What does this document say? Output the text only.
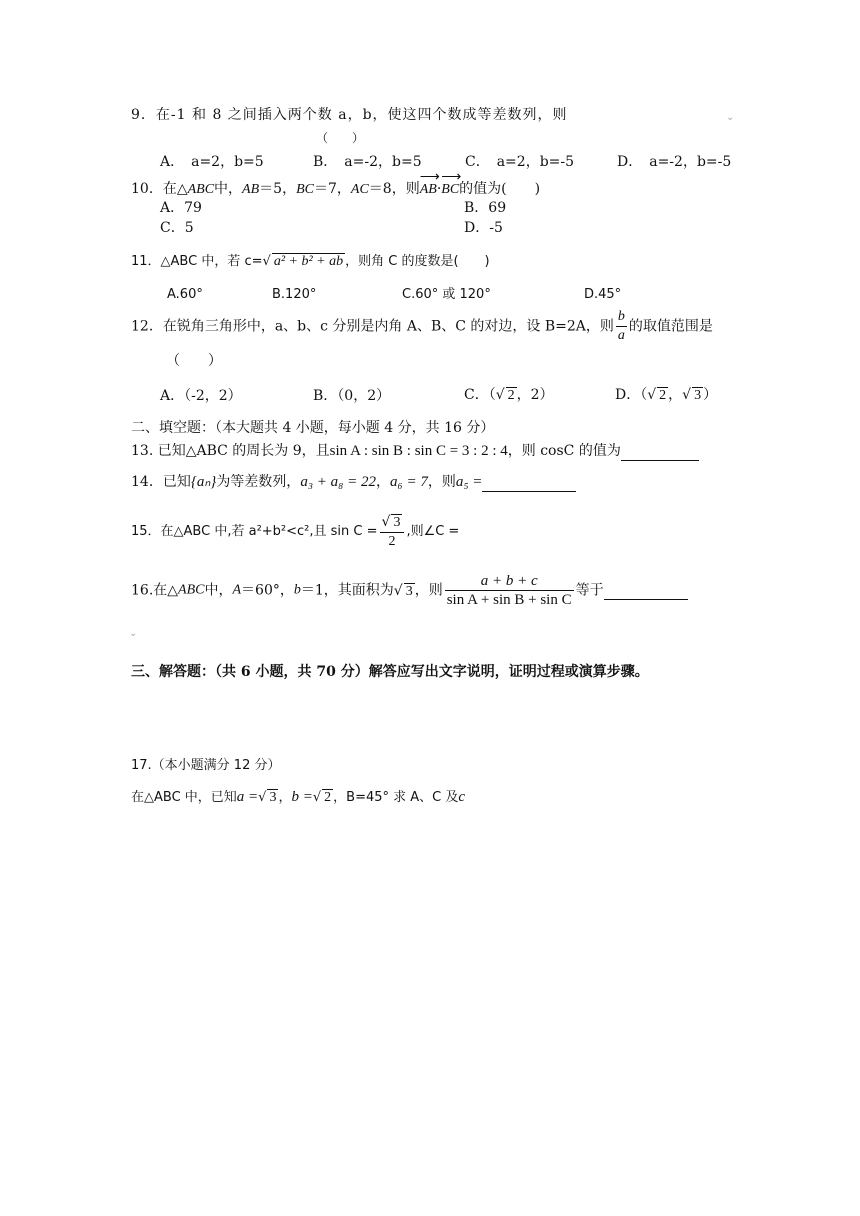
9．在-1 和 8 之间插入两个数 a，b，使这四个数成等差数列，则	⌄
（　　）
A．　a=2，b=5	B．　a=-2，b=5	C．　a=2，b=-5	D．　a=-2，b=-5
10．在△ABC中，AB＝5，BC＝7，AC＝8，则⟶ AB·⟶ BC的值为(　　)
A．79	B．69
C．5	D．-5
11．△ABC 中，若 c=√ a² + b² + ab ，则角 C 的度数是(　　)
A.60°	B.120°	C.60° 或 120°	D.45°
12．在锐角三角形中，a、b、c 分别是内角 A、B、C 的对边，设 B=2A，则 $\frac{b}{a}$ 的取值范围是
（　　）
A．（-2，2）	B．（0，2）	C．（√ 2 ，2）	D．（√ 2 ，√ 3 ）
二、填空题：（本大题共 4 小题，每小题 4 分，共 16 分）
13. 已知△ABC 的周长为 9，且sin A : sin B : sin C = 3 : 2 : 4，则 cosC 的值为
14．已知{aₙ}为等差数列，a₃ + a₈ = 22，a₆ = 7，则a₅ =
15．在△ABC 中,若 a²+b²<c²,且 $\sin C = \frac{√ 3}{2}$ ,则∠C =
16.在△ABC中，A＝60°，b＝1，其面积为√ 3 ，则 $\frac{a + b + c}{\text{sin A + sin B + sin C}}$ 等于
⌄
三、解答题：（共 6 小题，共 70 分）解答应写出文字说明，证明过程或演算步骤。
17.（本小题满分 12 分）
在△ABC 中，已知a =√ 3 ，b =√ 2 ，B=45° 求 A、C 及c
